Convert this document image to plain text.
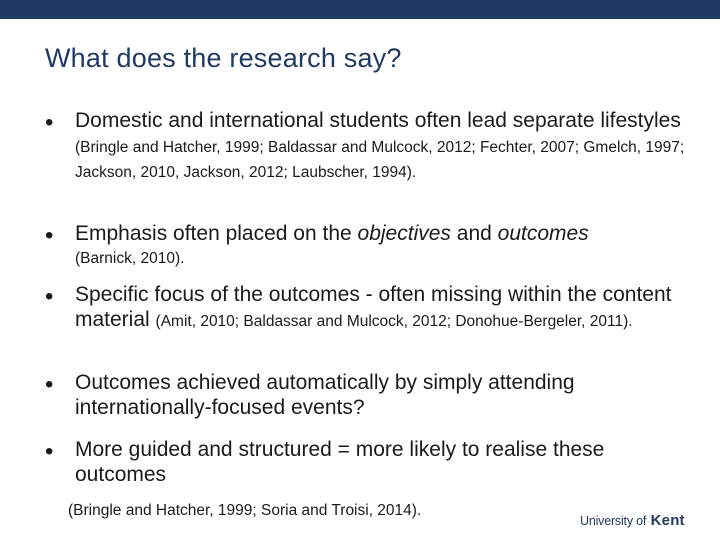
What does the research say?
• Domestic and international students often lead separate lifestyles (Bringle and Hatcher, 1999; Baldassar and Mulcock, 2012; Fechter, 2007; Gmelch, 1997; Jackson, 2010, Jackson, 2012; Laubscher, 1994).
• Emphasis often placed on the objectives and outcomes
(Barnick, 2010).
• Specific focus of the outcomes - often missing within the content material (Amit, 2010; Baldassar and Mulcock, 2012; Donohue-Bergeler, 2011).
• Outcomes achieved automatically by simply attending internationally-focused events?
• More guided and structured = more likely to realise these outcomes
(Bringle and Hatcher, 1999; Soria and Troisi, 2014).
University of Kent
